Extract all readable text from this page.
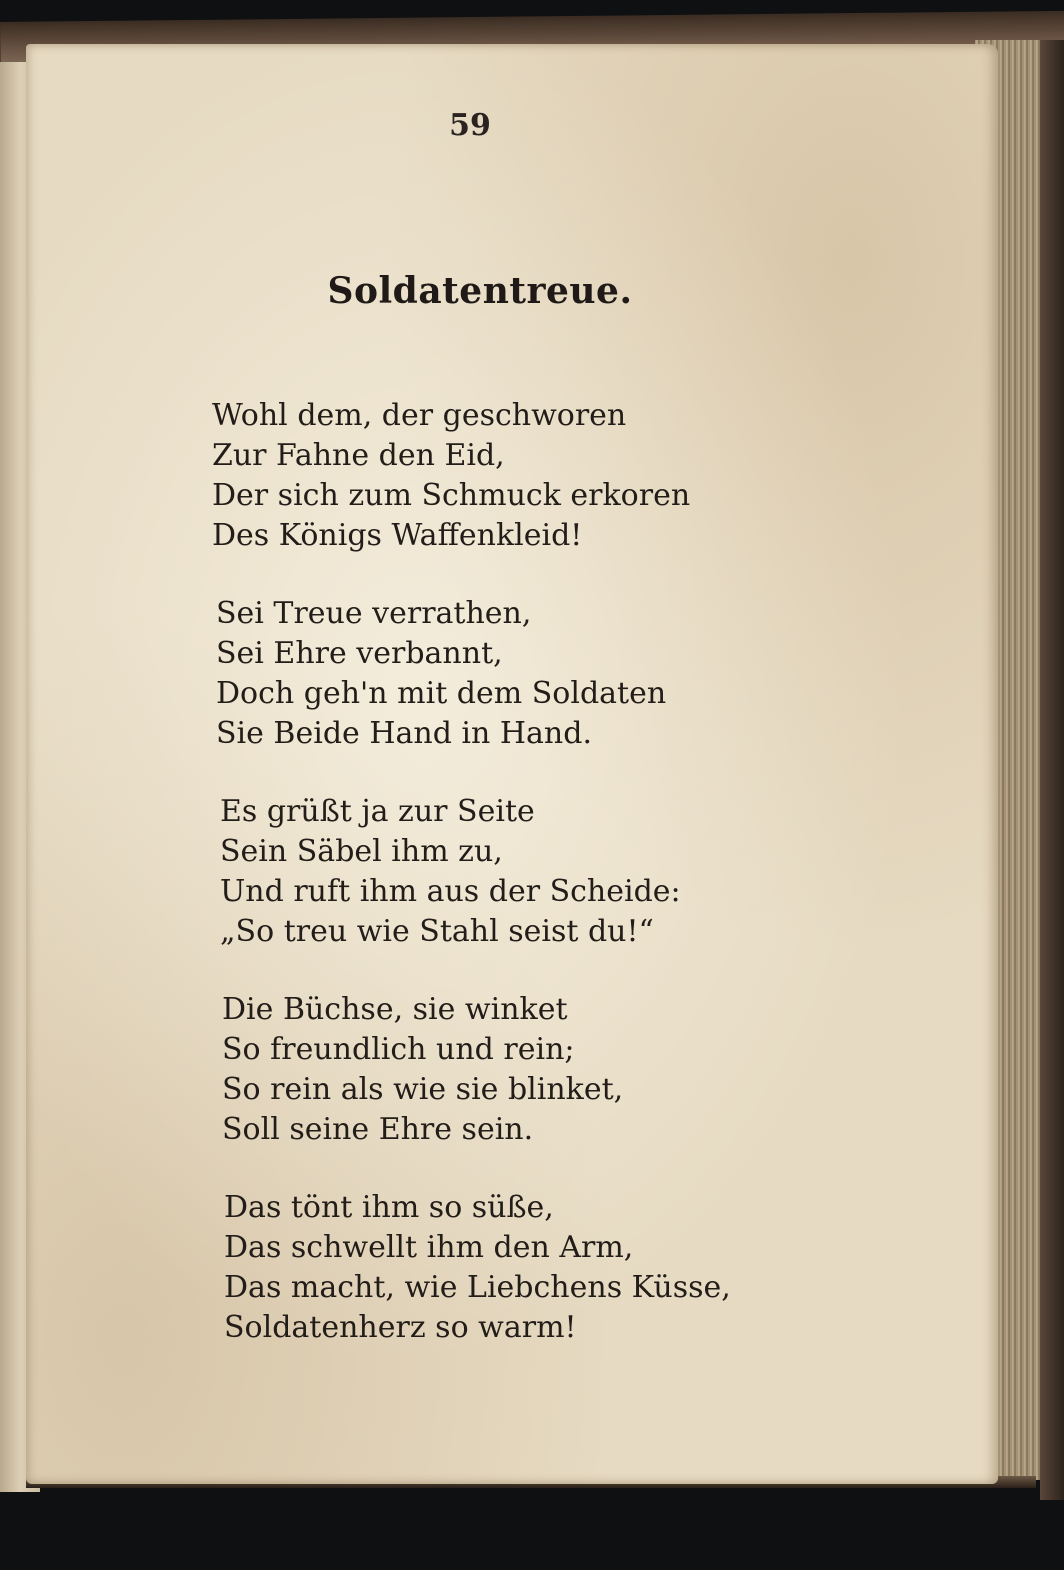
59
Soldatentreue.
Wohl dem, der geschworen
Zur Fahne den Eid,
Der sich zum Schmuck erkoren
Des Königs Waffenkleid!
Sei Treue verrathen,
Sei Ehre verbannt,
Doch geh'n mit dem Soldaten
Sie Beide Hand in Hand.
Es grüßt ja zur Seite
Sein Säbel ihm zu,
Und ruft ihm aus der Scheide:
„So treu wie Stahl seist du!“
Die Büchse, sie winket
So freundlich und rein;
So rein als wie sie blinket,
Soll seine Ehre sein.
Das tönt ihm so süße,
Das schwellt ihm den Arm,
Das macht, wie Liebchens Küsse,
Soldatenherz so warm!
